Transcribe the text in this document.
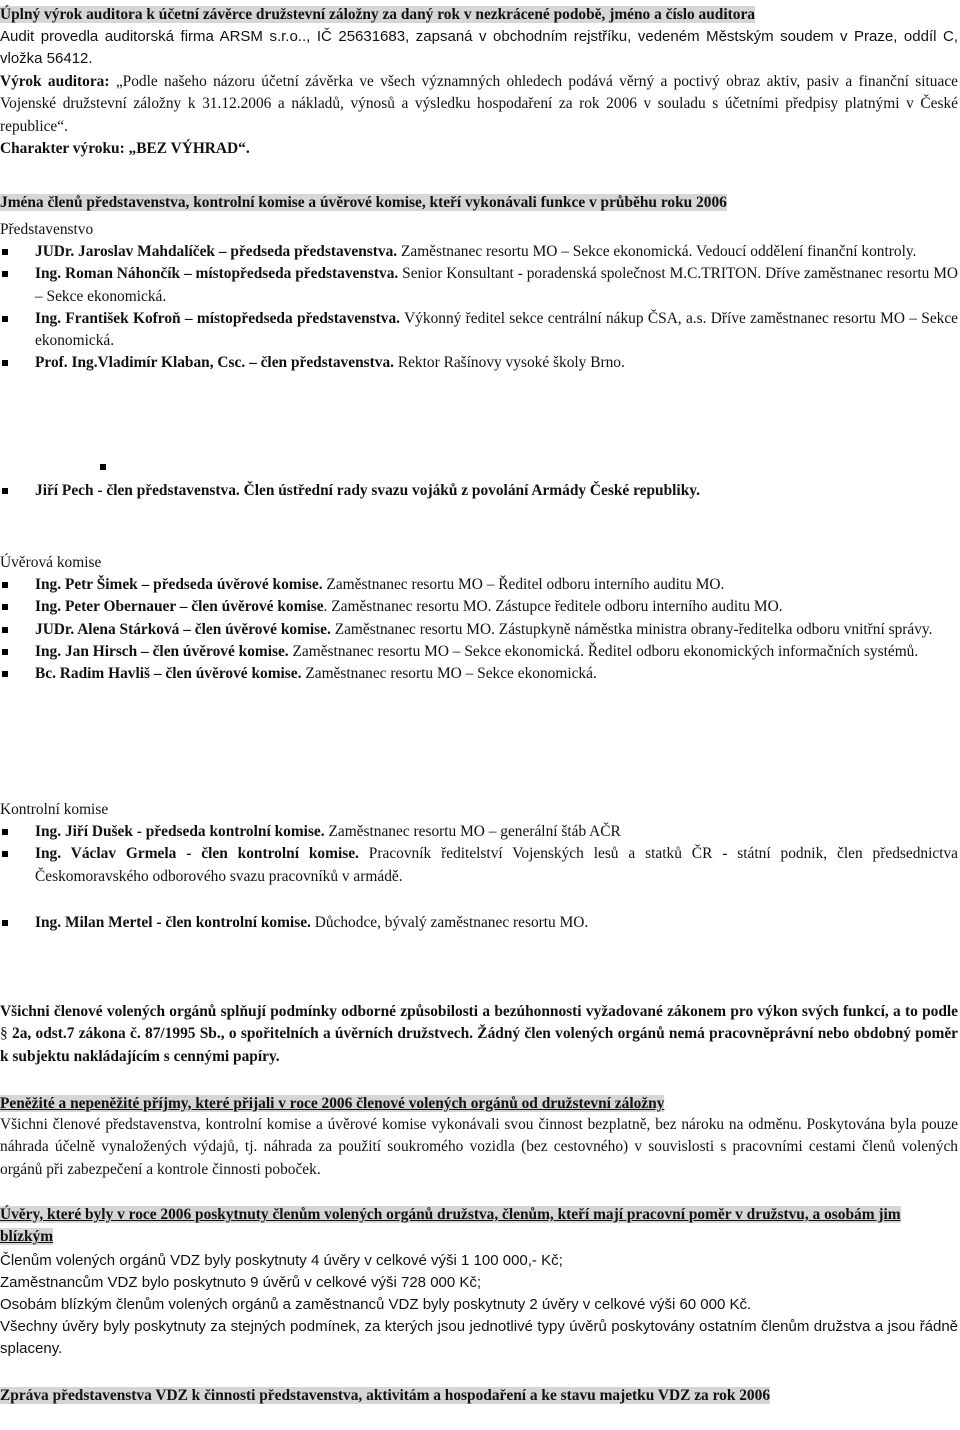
Úplný výrok auditora k účetní závěrce družstevní záložny za daný rok v nezkrácené podobě, jméno a číslo auditora
Audit provedla auditorská firma ARSM s.r.o.., IČ 25631683, zapsaná v obchodním rejstříku, vedeném Městským soudem v Praze, oddíl C, vložka 56412.
Výrok auditora: „Podle našeho názoru účetní závěrka ve všech významných ohledech podává věrný a poctivý obraz aktiv, pasiv a finanční situace Vojenské družstevní záložny k 31.12.2006 a nákladů, výnosů a výsledku hospodaření za rok 2006 v souladu s účetními předpisy platnými v České republice“.
Charakter výroku: „BEZ VÝHRAD“.
Jména členů představenstva, kontrolní komise a úvěrové komise, kteří vykonávali funkce v průběhu roku 2006
Představenstvo
JUDr. Jaroslav Mahdalíček – předseda představenstva. Zaměstnanec resortu MO – Sekce ekonomická. Vedoucí oddělení finanční kontroly.
Ing. Roman Náhončík – místopředseda představenstva. Senior Konsultant - poradenská společnost M.C.TRITON. Dříve zaměstnanec resortu MO – Sekce ekonomická.
Ing. František Kofroň – místopředseda představenstva. Výkonný ředitel sekce centrální nákup ČSA, a.s. Dříve zaměstnanec resortu MO – Sekce ekonomická.
Prof. Ing.Vladimír Klaban, Csc. – člen představenstva. Rektor Rašínovy vysoké školy Brno.
Jiří Pech - člen představenstva. Člen ústřední rady svazu vojáků z povolání Armády České republiky.
Úvěrová komise
Ing. Petr Šimek – předseda úvěrové komise. Zaměstnanec resortu MO – Ředitel odboru interního auditu MO.
Ing. Peter Obernauer – člen úvěrové komise. Zaměstnanec resortu MO. Zástupce ředitele odboru interního auditu MO.
JUDr. Alena Stárková – člen úvěrové komise. Zaměstnanec resortu MO. Zástupkyně náměstka ministra obrany-ředitelka odboru vnitřní správy.
Ing. Jan Hirsch – člen úvěrové komise. Zaměstnanec resortu MO – Sekce ekonomická. Ředitel odboru ekonomických informačních systémů.
Bc. Radim Havliš – člen úvěrové komise. Zaměstnanec resortu MO – Sekce ekonomická.
Kontrolní komise
Ing. Jiří Dušek - předseda kontrolní komise. Zaměstnanec resortu MO – generální štáb AČR
Ing. Václav Grmela - člen kontrolní komise. Pracovník ředitelství Vojenských lesů a statků ČR - státní podnik, člen předsednictva Českomoravského odborového svazu pracovníků v armádě.
Ing. Milan Mertel - člen kontrolní komise. Důchodce, bývalý zaměstnanec resortu MO.
Všichni členové volených orgánů splňují podmínky odborné způsobilosti a bezúhonnosti vyžadované zákonem pro výkon svých funkcí, a to podle § 2a, odst.7 zákona č. 87/1995 Sb., o spořitelních a úvěrních družstvech. Žádný člen volených orgánů nemá pracovněprávní nebo obdobný poměr k subjektu nakládajícím s cennými papíry.
Peněžité a nepeněžité příjmy, které přijali v roce 2006 členové volených orgánů od družstevní záložny
Všichni členové představenstva, kontrolní komise a úvěrové komise vykonávali svou činnost bezplatně, bez nároku na odměnu. Poskytována byla pouze náhrada účelně vynaložených výdajů, tj. náhrada za použití soukromého vozidla (bez cestovného) v souvislosti s pracovními cestami členů volených orgánů při zabezpečení a kontrole činnosti poboček.
Úvěry, které byly v roce 2006 poskytnuty členům volených orgánů družstva, členům, kteří mají pracovní poměr v družstvu, a osobám jim blízkým
Členům volených orgánů VDZ byly poskytnuty 4 úvěry v celkové výši 1 100 000,- Kč;
Zaměstnancům VDZ bylo poskytnuto 9 úvěrů v celkové výši 728 000 Kč;
Osobám blízkým členům volených orgánů a zaměstnanců VDZ byly poskytnuty 2 úvěry v celkové výši 60 000 Kč.
Všechny úvěry byly poskytnuty za stejných podmínek, za kterých jsou jednotlivé typy úvěrů poskytovány ostatním členům družstva a jsou řádně splaceny.
Zpráva představenstva VDZ k činnosti představenstva, aktivitám a hospodaření a ke stavu majetku VDZ za rok 2006
